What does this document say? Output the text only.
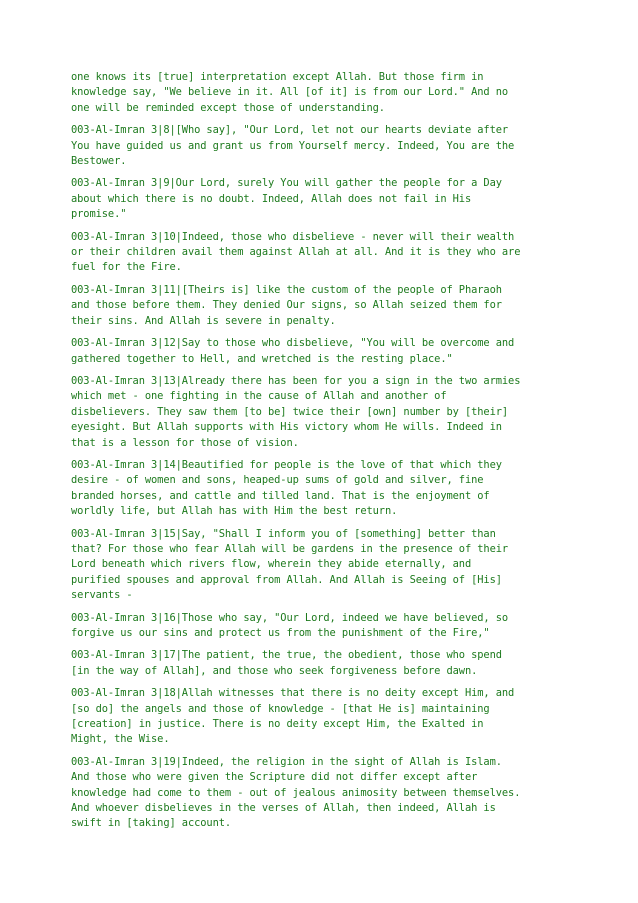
one knows its [true] interpretation except Allah. But those firm in
knowledge say, "We believe in it. All [of it] is from our Lord." And no
one will be reminded except those of understanding.

003-Al-Imran 3|8|[Who say], "Our Lord, let not our hearts deviate after
You have guided us and grant us from Yourself mercy. Indeed, You are the
Bestower.

003-Al-Imran 3|9|Our Lord, surely You will gather the people for a Day
about which there is no doubt. Indeed, Allah does not fail in His
promise."

003-Al-Imran 3|10|Indeed, those who disbelieve - never will their wealth
or their children avail them against Allah at all. And it is they who are
fuel for the Fire.

003-Al-Imran 3|11|[Theirs is] like the custom of the people of Pharaoh
and those before them. They denied Our signs, so Allah seized them for
their sins. And Allah is severe in penalty.

003-Al-Imran 3|12|Say to those who disbelieve, "You will be overcome and
gathered together to Hell, and wretched is the resting place."

003-Al-Imran 3|13|Already there has been for you a sign in the two armies
which met - one fighting in the cause of Allah and another of
disbelievers. They saw them [to be] twice their [own] number by [their]
eyesight. But Allah supports with His victory whom He wills. Indeed in
that is a lesson for those of vision.

003-Al-Imran 3|14|Beautified for people is the love of that which they
desire - of women and sons, heaped-up sums of gold and silver, fine
branded horses, and cattle and tilled land. That is the enjoyment of
worldly life, but Allah has with Him the best return.

003-Al-Imran 3|15|Say, "Shall I inform you of [something] better than
that? For those who fear Allah will be gardens in the presence of their
Lord beneath which rivers flow, wherein they abide eternally, and
purified spouses and approval from Allah. And Allah is Seeing of [His]
servants -

003-Al-Imran 3|16|Those who say, "Our Lord, indeed we have believed, so
forgive us our sins and protect us from the punishment of the Fire,"

003-Al-Imran 3|17|The patient, the true, the obedient, those who spend
[in the way of Allah], and those who seek forgiveness before dawn.

003-Al-Imran 3|18|Allah witnesses that there is no deity except Him, and
[so do] the angels and those of knowledge - [that He is] maintaining
[creation] in justice. There is no deity except Him, the Exalted in
Might, the Wise.

003-Al-Imran 3|19|Indeed, the religion in the sight of Allah is Islam.
And those who were given the Scripture did not differ except after
knowledge had come to them - out of jealous animosity between themselves.
And whoever disbelieves in the verses of Allah, then indeed, Allah is
swift in [taking] account.
